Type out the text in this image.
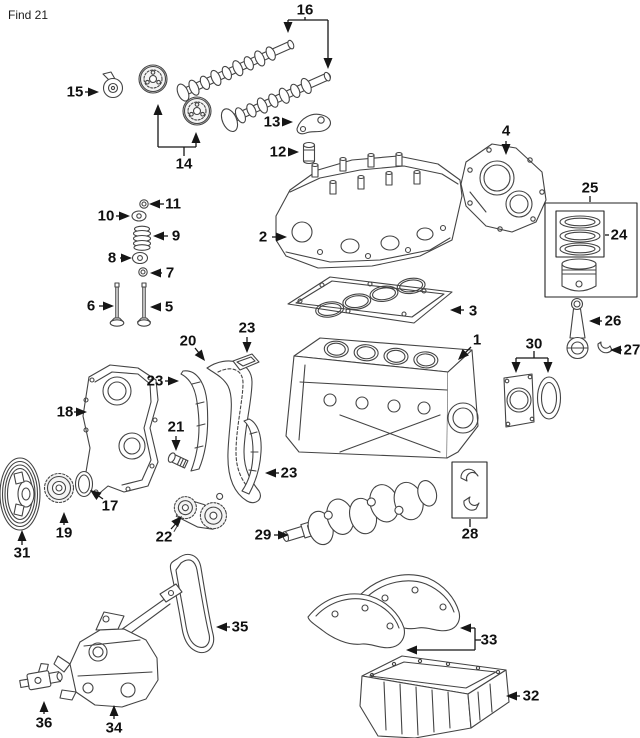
Find 21
1
2
3
4
5
6
7
8
9
10
11
12
13
14
15
16
17
18
19
20
21
22
23
23
23
24
25
26
27
28
29
30
31
32
33
34
35
36
